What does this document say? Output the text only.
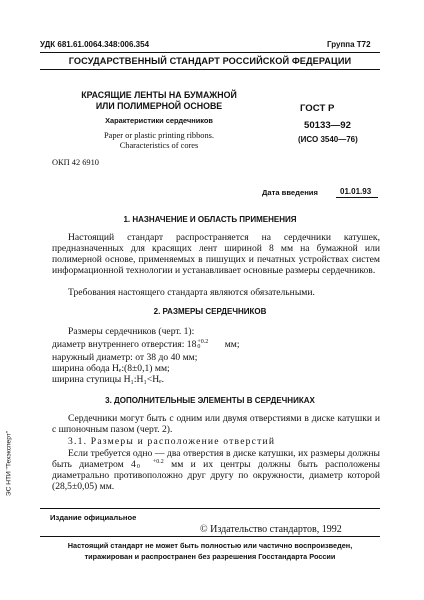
УДК 681.61.0064.348:006.354	Группа Т72
ГОСУДАРСТВЕННЫЙ СТАНДАРТ РОССИЙСКОЙ ФЕДЕРАЦИИ
КРАСЯЩИЕ ЛЕНТЫ НА БУМАЖНОЙ
ИЛИ ПОЛИМЕРНОЙ ОСНОВЕ
Характеристики сердечников
Paper or plastic printing ribbons.
Characteristics of cores
ГОСТ Р
50133—92
(ИСО 3540—76)
ОКП 42 6910
Дата введения	01.01.93
1. НАЗНАЧЕНИЕ И ОБЛАСТЬ ПРИМЕНЕНИЯ
Настоящий стандарт распространяется на сердечники катушек, предназначенных для красящих лент шириной 8 мм на бумажной или полимерной основе, применяемых в пишущих и печатных устройствах систем информационной технологии и устанавливает основные размеры сердечников.
Требования настоящего стандарта являются обязательными.
2. РАЗМЕРЫ СЕРДЕЧНИКОВ
Размеры сердечников (черт. 1):
диаметр внутреннего отверстия: 18+0.2
0	мм;
наружный диаметр: от 38 до 40 мм;
ширина обода Hₑ:(8±0,1) мм;
ширина ступицы H₁:H₁<Hₑ.
3. ДОПОЛНИТЕЛЬНЫЕ ЭЛЕМЕНТЫ В СЕРДЕЧНИКАХ
Сердечники могут быть с одним или двумя отверстиями в диске катушки и с шпоночным пазом (черт. 2).
3.1. Размеры и расположение отверстий
Если требуется одно — два отверстия в диске катушки, их размеры должны быть диаметром 4	+0.2
0	мм и их центры должны быть расположены диаметрально противоположно друг другу по окружности, диаметр которой (28,5±0,05) мм.
Издание официальное
© Издательство стандартов, 1992
Настоящий стандарт не может быть полностью или частично воспроизведен,
тиражирован и распространен без разрешения Госстандарта России
ЭС НТИ "Техэксперт"
